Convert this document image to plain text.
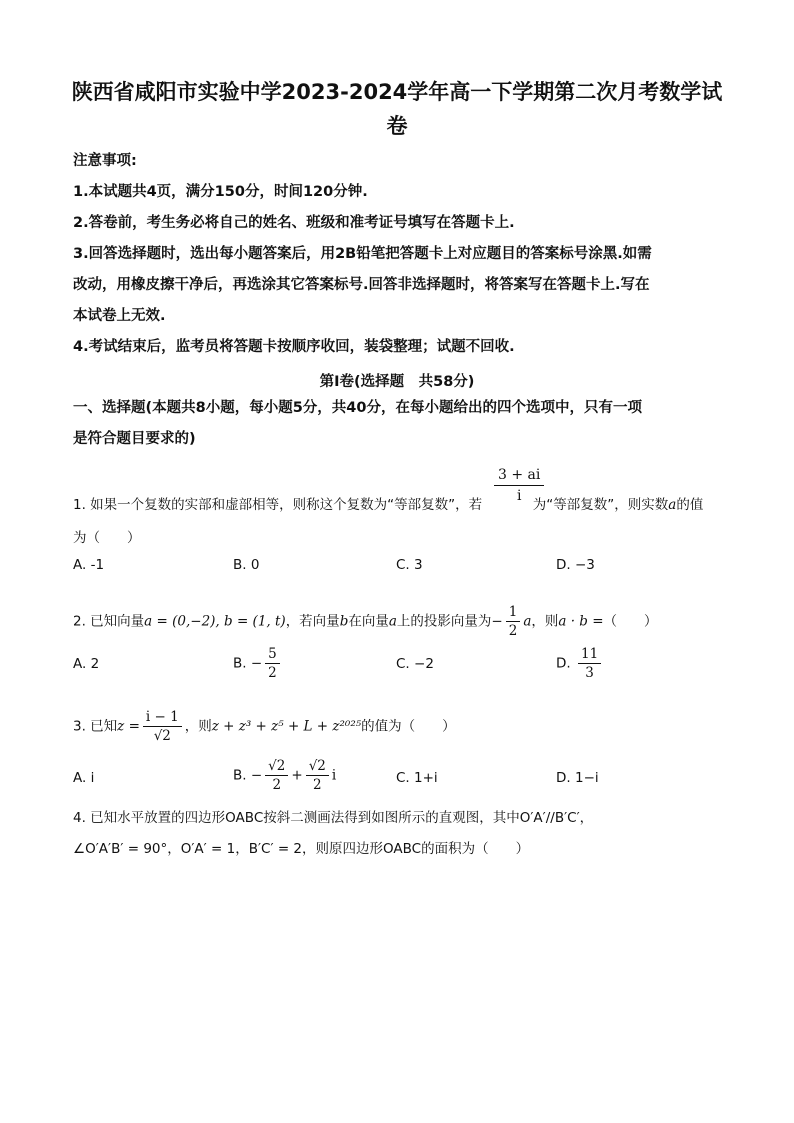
陕西省咸阳市实验中学2023-2024学年高一下学期第二次月考数学试
卷
注意事项:
1.本试题共4页，满分150分，时间120分钟.
2.答卷前，考生务必将自己的姓名、班级和准考证号填写在答题卡上.
3.回答选择题时，选出每小题答案后，用2B铅笔把答题卡上对应题目的答案标号涂黑.如需
改动，用橡皮擦干净后，再选涂其它答案标号.回答非选择题时，将答案写在答题卡上.写在
本试卷上无效.
4.考试结束后，监考员将答题卡按顺序收回，装袋整理；试题不回收.
第Ⅰ卷(选择题　共58分)
一、选择题(本题共8小题，每小题5分，共40分，在每小题给出的四个选项中，只有一项
是符合题目要求的)
$\frac{3 + ai}{i}$
1. 如果一个复数的实部和虚部相等，则称这个复数为“等部复数”，若	为“等部复数”，则实数a的值
为（　　）
A. -1	B. 0	C. 3	D. −3
2. 已知向量a = (0,−2), b = (1, t)，若向量b在向量a上的投影向量为− $\frac{1}{2}$ a，则a · b =（　　）
A. 2	B. − $\frac{5}{2}$	C. −2	D. $\frac{11}{3}$
3. 已知$z = \frac{i - 1}{√2}$ ，则z + z³ + z⁵ + L + z²⁰²⁵的值为（　　）
A. i	B. − $\frac{√2}{2} + \frac{√2}{2}$ i	C. 1+i	D. 1−i
4. 已知水平放置的四边形OABC按斜二测画法得到如图所示的直观图，其中O′A′//B′C′，
∠O′A′B′ = 90°，O′A′ = 1，B′C′ = 2，则原四边形OABC的面积为（　　）
